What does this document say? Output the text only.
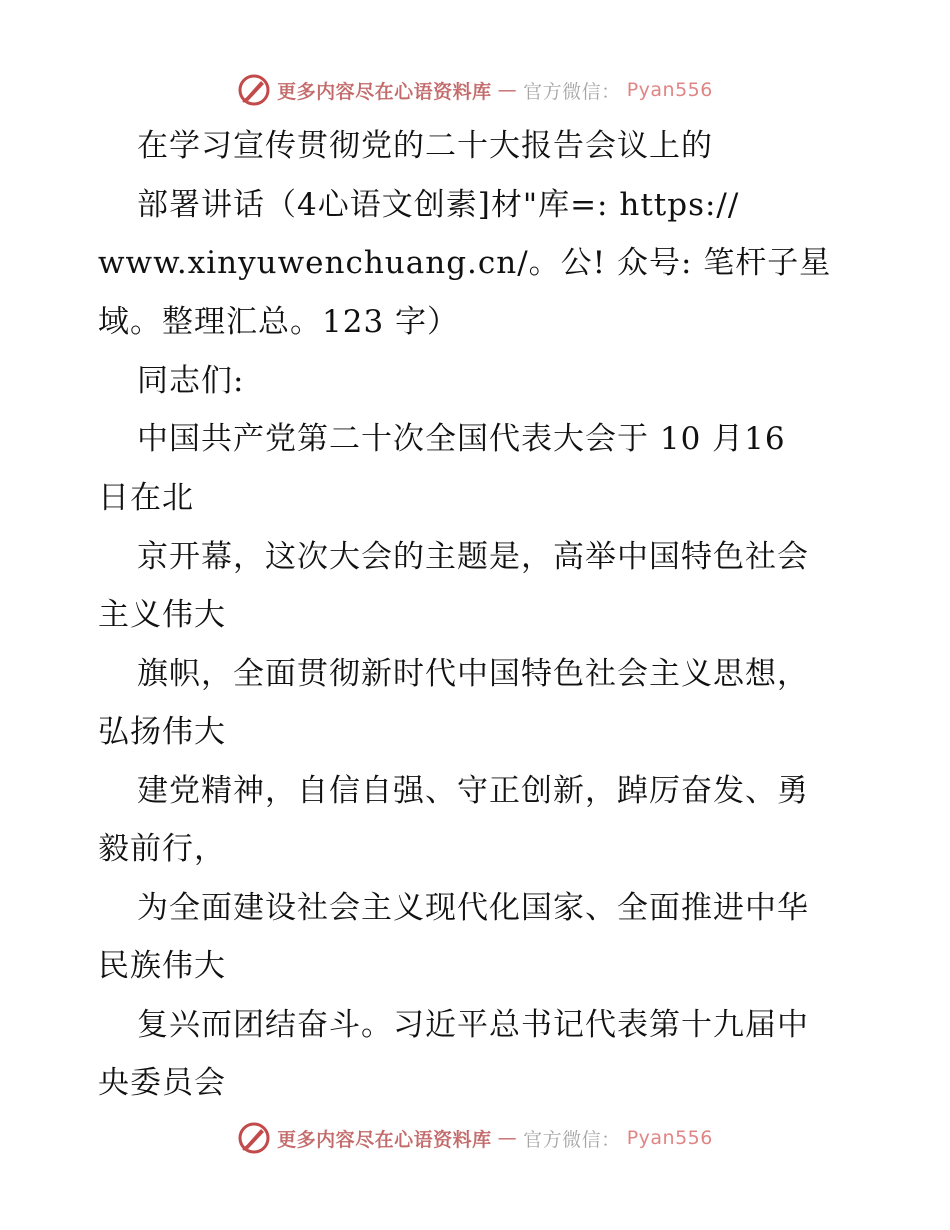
更多内容尽在心语资料库 — 官方微信： Pyan556
在学习宣传贯彻党的二十大报告会议上的
部署讲话（4心语文创素]材"库=: https://
www.xinyuwenchuang.cn/。公! 众号: 笔杆子星
域。整理汇总。123 字）
同志们:
中国共产党第二十次全国代表大会于 10 月16
日在北
京开幕，这次大会的主题是，高举中国特色社会
主义伟大
旗帜，全面贯彻新时代中国特色社会主义思想，
弘扬伟大
建党精神，自信自强、守正创新，踔厉奋发、勇
毅前行，
为全面建设社会主义现代化国家、全面推进中华
民族伟大
复兴而团结奋斗。习近平总书记代表第十九届中
央委员会
更多内容尽在心语资料库 — 官方微信： Pyan556
